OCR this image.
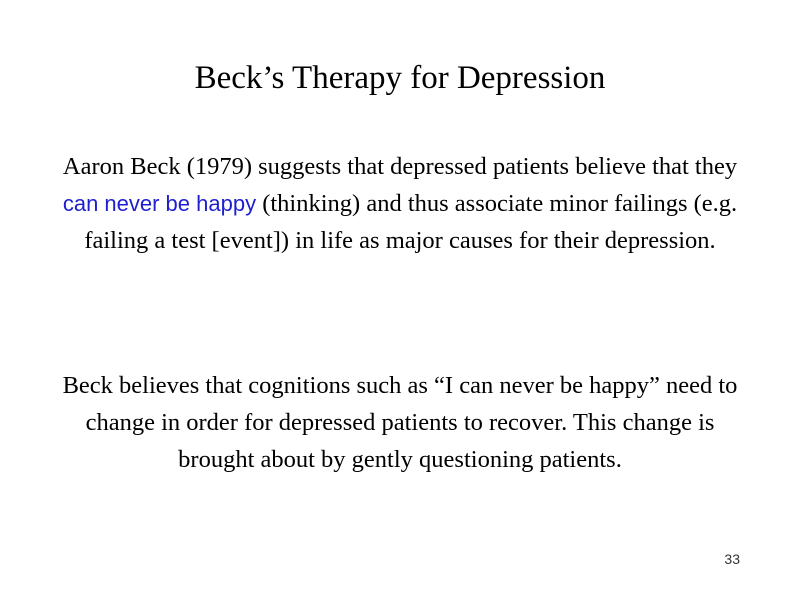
Beck’s Therapy for Depression

Aaron Beck (1979) suggests that depressed patients believe that they can never be happy (thinking) and thus associate minor failings (e.g. failing a test [event]) in life as major causes for their depression.

Beck believes that cognitions such as “I can never be happy” need to change in order for depressed patients to recover. This change is brought about by gently questioning patients.

33
